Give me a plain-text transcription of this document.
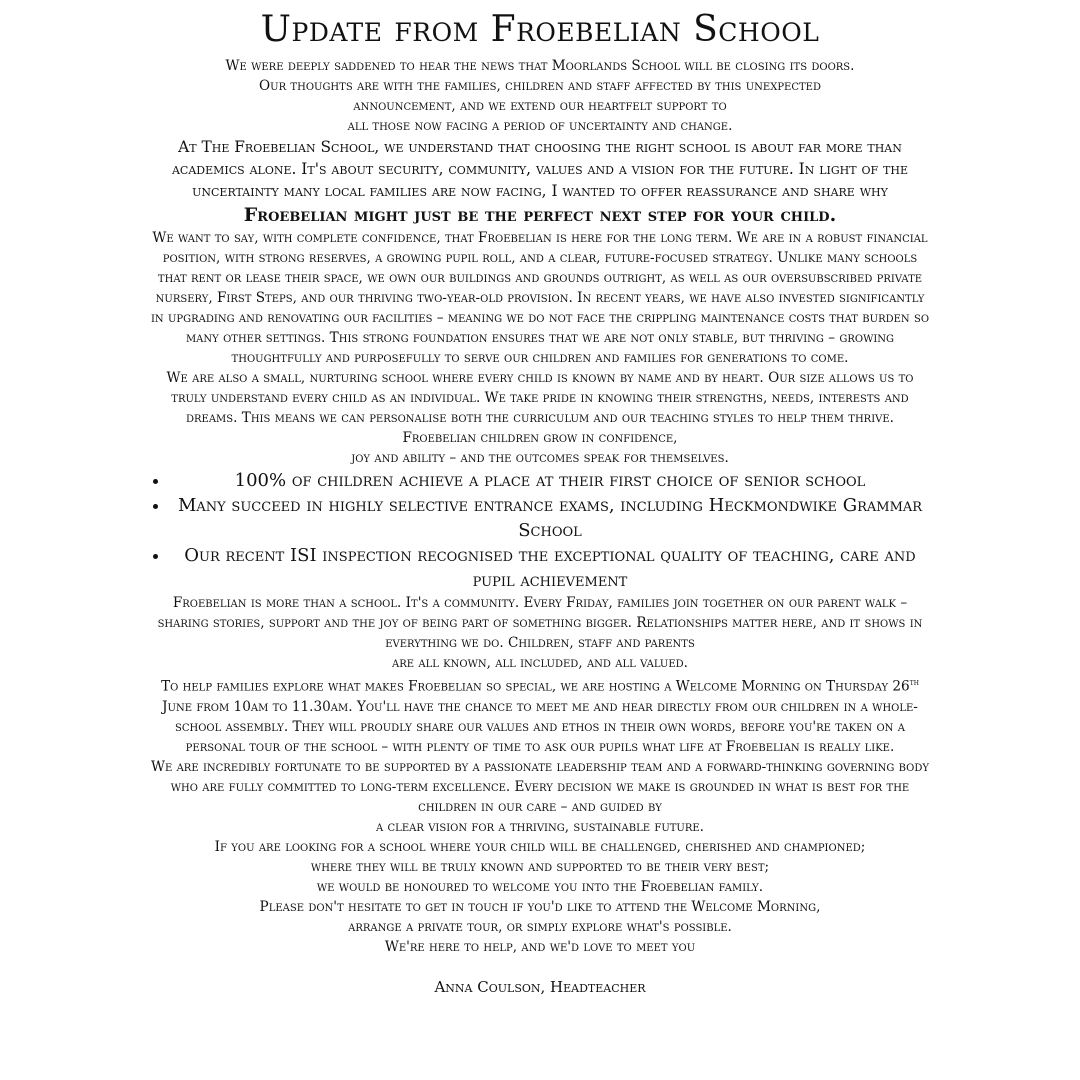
Update from Froebelian School

We were deeply saddened to hear the news that Moorlands School will be closing its doors.

Our thoughts are with the families, children and staff affected by this unexpected

announcement, and we extend our heartfelt support to

all those now facing a period of uncertainty and change.

At The Froebelian School, we understand that choosing the right school is about far more than academics alone. It's about security, community, values and a vision for the future. In light of the uncertainty many local families are now facing, I wanted to offer reassurance and share why

Froebelian might just be the perfect next step for your child.

We want to say, with complete confidence, that Froebelian is here for the long term. We are in a robust financial position, with strong reserves, a growing pupil roll, and a clear, future-focused strategy. Unlike many schools that rent or lease their space, we own our buildings and grounds outright, as well as our oversubscribed private nursery, First Steps, and our thriving two-year-old provision. In recent years, we have also invested significantly in upgrading and renovating our facilities – meaning we do not face the crippling maintenance costs that burden so many other settings. This strong foundation ensures that we are not only stable, but thriving – growing thoughtfully and purposefully to serve our children and families for generations to come.

We are also a small, nurturing school where every child is known by name and by heart. Our size allows us to truly understand every child as an individual. We take pride in knowing their strengths, needs, interests and dreams. This means we can personalise both the curriculum and our teaching styles to help them thrive. Froebelian children grow in confidence,

joy and ability – and the outcomes speak for themselves.

• 100% of children achieve a place at their first choice of senior school
• Many succeed in highly selective entrance exams, including Heckmondwike Grammar School
• Our recent ISI inspection recognised the exceptional quality of teaching, care and pupil achievement

Froebelian is more than a school. It's a community. Every Friday, families join together on our parent walk – sharing stories, support and the joy of being part of something bigger. Relationships matter here, and it shows in everything we do. Children, staff and parents

are all known, all included, and all valued.

To help families explore what makes Froebelian so special, we are hosting a Welcome Morning on Thursday 26th June from 10am to 11.30am. You'll have the chance to meet me and hear directly from our children in a whole-school assembly. They will proudly share our values and ethos in their own words, before you're taken on a personal tour of the school – with plenty of time to ask our pupils what life at Froebelian is really like.

We are incredibly fortunate to be supported by a passionate leadership team and a forward-thinking governing body who are fully committed to long-term excellence. Every decision we make is grounded in what is best for the children in our care – and guided by

a clear vision for a thriving, sustainable future.

If you are looking for a school where your child will be challenged, cherished and championed;

where they will be truly known and supported to be their very best;

we would be honoured to welcome you into the Froebelian family.

Please don't hesitate to get in touch if you'd like to attend the Welcome Morning,

arrange a private tour, or simply explore what's possible.

We're here to help, and we'd love to meet you

Anna Coulson, Headteacher
